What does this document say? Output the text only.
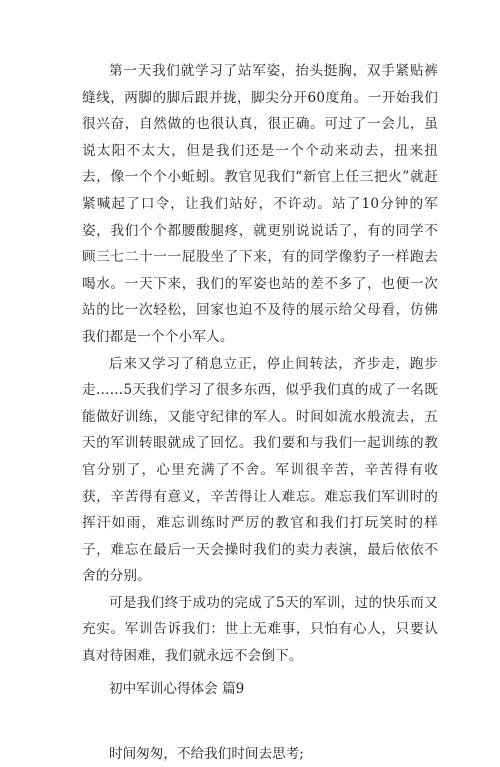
第一天我们就学习了站军姿，抬头挺胸，双手紧贴裤缝线，两脚的脚后跟并拢，脚尖分开60度角。一开始我们很兴奋，自然做的也很认真，很正确。可过了一会儿，虽说太阳不太大，但是我们还是一个个动来动去，扭来扭去，像一个个小蚯蚓。教官见我们“新官上任三把火”就赶紧喊起了口令，让我们站好，不许动。站了10分钟的军姿，我们个个都腰酸腿疼，就更别说说话了，有的同学不顾三七二十一一屁股坐了下来，有的同学像豹子一样跑去喝水。一天下来，我们的军姿也站的差不多了，也便一次站的比一次轻松，回家也迫不及待的展示给父母看，仿佛我们都是一个个小军人。

后来又学习了稍息立正，停止间转法，齐步走，跑步走……5天我们学习了很多东西，似乎我们真的成了一名既能做好训练，又能守纪律的军人。时间如流水般流去，五天的军训转眼就成了回忆。我们要和与我们一起训练的教官分别了，心里充满了不舍。军训很辛苦，辛苦得有收获，辛苦得有意义，辛苦得让人难忘。难忘我们军训时的挥汗如雨，难忘训练时严厉的教官和我们打玩笑时的样子，难忘在最后一天会操时我们的卖力表演，最后依依不舍的分别。

可是我们终于成功的完成了5天的军训，过的快乐而又充实。军训告诉我们：世上无难事，只怕有心人，只要认真对待困难，我们就永远不会倒下。

初中军训心得体会 篇9

时间匆匆，不给我们时间去思考;
